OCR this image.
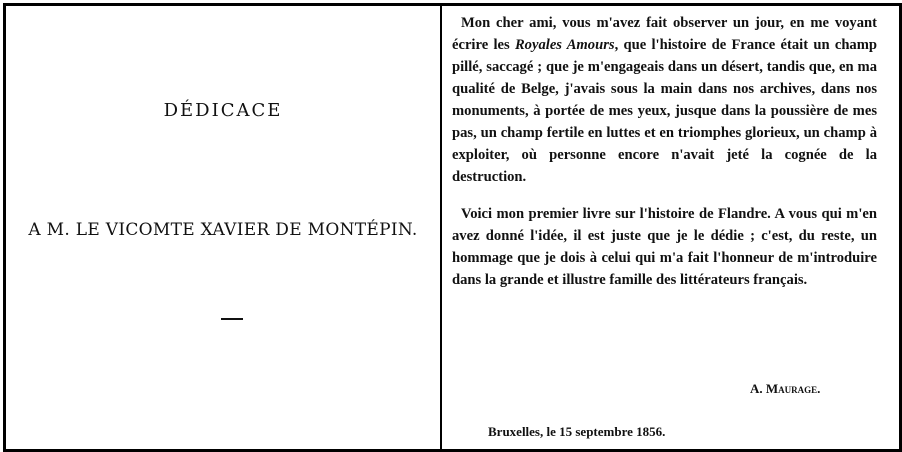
DÉDICACE
A M. LE VICOMTE XAVIER DE MONTÉPIN.

Mon cher ami, vous m'avez fait observer un jour, en me voyant écrire les Royales Amours, que l'histoire de France était un champ pillé, saccagé ; que je m'engageais dans un désert, tandis que, en ma qualité de Belge, j'avais sous la main dans nos archives, dans nos monuments, à portée de mes yeux, jusque dans la poussière de mes pas, un champ fertile en luttes et en triomphes glorieux, un champ à exploiter, où personne encore n'avait jeté la cognée de la destruction.

Voici mon premier livre sur l'histoire de Flandre. A vous qui m'en avez donné l'idée, il est juste que je le dédie ; c'est, du reste, un hommage que je dois à celui qui m'a fait l'honneur de m'introduire dans la grande et illustre famille des littérateurs français.

A. Maurage.
Bruxelles, le 15 septembre 1856.
